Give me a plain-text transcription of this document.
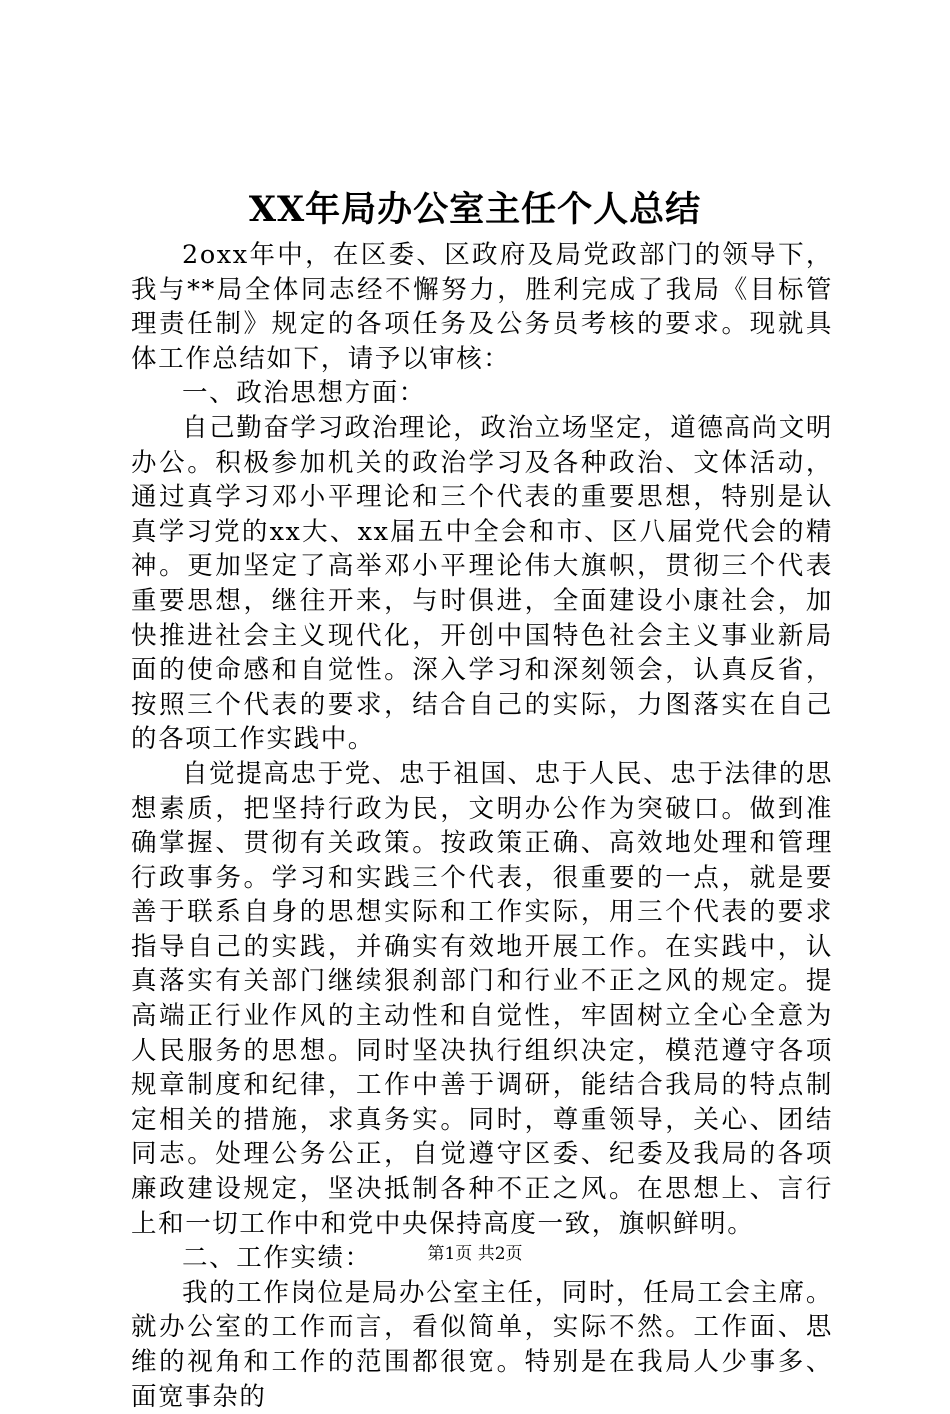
XX年局办公室主任个人总结

2oxx年中，在区委、区政府及局党政部门的领导下，我与**局全体同志经不懈努力，胜利完成了我局《目标管理责任制》规定的各项任务及公务员考核的要求。现就具体工作总结如下，请予以审核：

一、政治思想方面：

自己勤奋学习政治理论，政治立场坚定，道德高尚文明办公。积极参加机关的政治学习及各种政治、文体活动，通过真学习邓小平理论和三个代表的重要思想，特别是认真学习党的xx大、xx届五中全会和市、区八届党代会的精神。更加坚定了高举邓小平理论伟大旗帜，贯彻三个代表重要思想，继往开来，与时俱进，全面建设小康社会，加快推进社会主义现代化，开创中国特色社会主义事业新局面的使命感和自觉性。深入学习和深刻领会，认真反省，按照三个代表的要求，结合自己的实际，力图落实在自己的各项工作实践中。

自觉提高忠于党、忠于祖国、忠于人民、忠于法律的思想素质，把坚持行政为民，文明办公作为突破口。做到准确掌握、贯彻有关政策。按政策正确、高效地处理和管理行政事务。学习和实践三个代表，很重要的一点，就是要善于联系自身的思想实际和工作实际，用三个代表的要求指导自己的实践，并确实有效地开展工作。在实践中，认真落实有关部门继续狠刹部门和行业不正之风的规定。提高端正行业作风的主动性和自觉性，牢固树立全心全意为人民服务的思想。同时坚决执行组织决定，模范遵守各项规章制度和纪律，工作中善于调研，能结合我局的特点制定相关的措施，求真务实。同时，尊重领导，关心、团结同志。处理公务公正，自觉遵守区委、纪委及我局的各项廉政建设规定，坚决抵制各种不正之风。在思想上、言行上和一切工作中和党中央保持高度一致，旗帜鲜明。

二、工作实绩：

我的工作岗位是局办公室主任，同时，任局工会主席。就办公室的工作而言，看似简单，实际不然。工作面、思维的视角和工作的范围都很宽。特别是在我局人少事多、面宽事杂的

第1页 共2页
